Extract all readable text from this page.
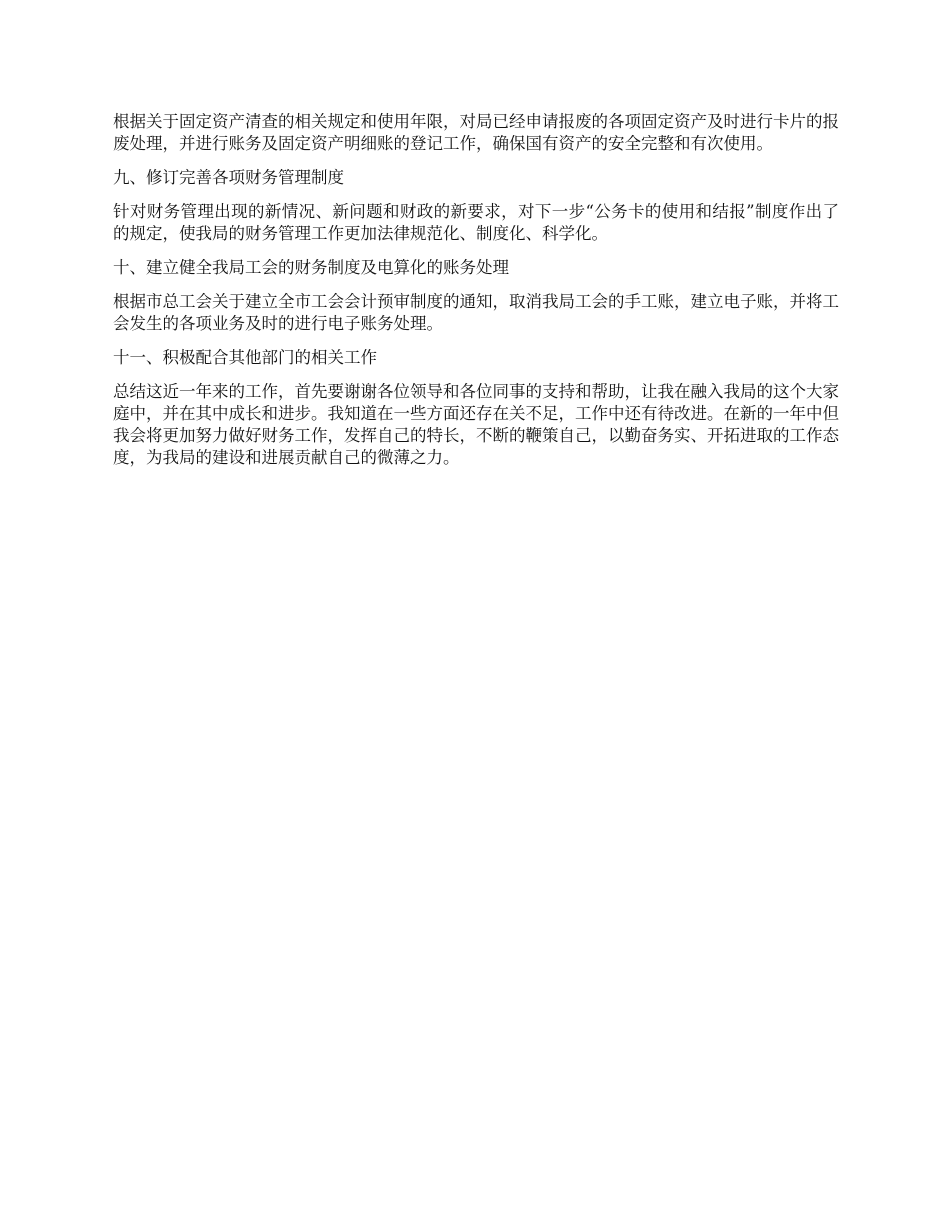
根据关于固定资产清查的相关规定和使用年限，对局已经申请报废的各项固定资产及时进行卡片的报废处理，并进行账务及固定资产明细账的登记工作，确保国有资产的安全完整和有次使用。

九、修订完善各项财务管理制度

针对财务管理出现的新情况、新问题和财政的新要求，对下一步“公务卡的使用和结报”制度作出了的规定，使我局的财务管理工作更加法律规范化、制度化、科学化。

十、建立健全我局工会的财务制度及电算化的账务处理

根据市总工会关于建立全市工会会计预审制度的通知，取消我局工会的手工账，建立电子账，并将工会发生的各项业务及时的进行电子账务处理。

十一、积极配合其他部门的相关工作

总结这近一年来的工作，首先要谢谢各位领导和各位同事的支持和帮助，让我在融入我局的这个大家庭中，并在其中成长和进步。我知道在一些方面还存在关不足，工作中还有待改进。在新的一年中但我会将更加努力做好财务工作，发挥自己的特长，不断的鞭策自己，以勤奋务实、开拓进取的工作态度，为我局的建设和进展贡献自己的微薄之力。
